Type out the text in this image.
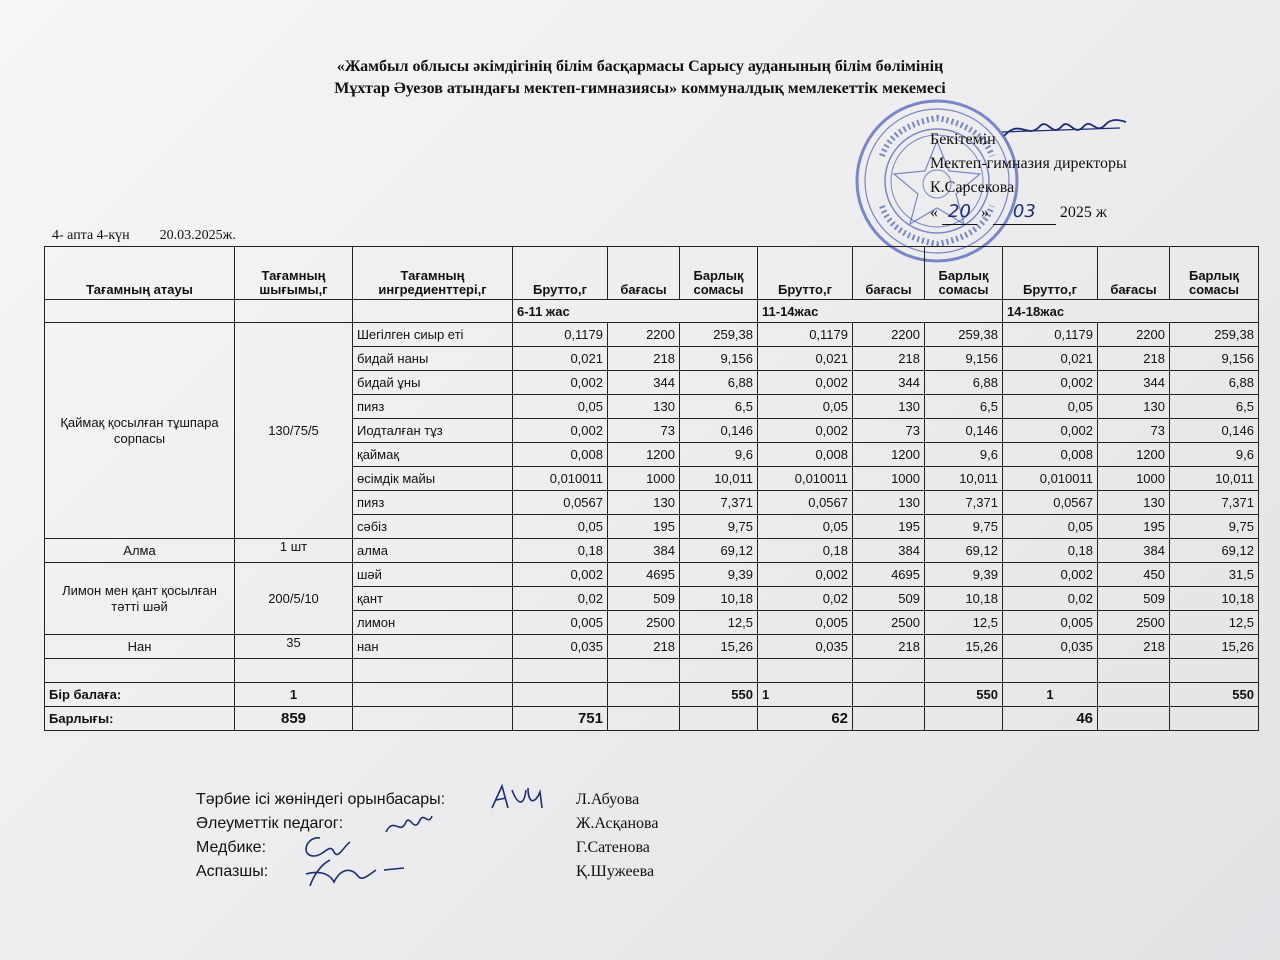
«Жамбыл облысы әкімдігінің білім басқармасы Сарысу ауданының білім бөлімінің
Мұхтар Әуезов атындағы мектеп-гимназиясы» коммуналдық мемлекеттік мекемесі
Бекітемін
Мектеп-гимназия директоры
К.Сарсекова
« 20 »	03	2025 ж
4- апта 4-күн 20.03.2025ж.
Тағамның атауы	Тағамның шығымы,г	Тағамның ингредиенттері,г	Брутто,г	бағасы	Барлық сомасы	Брутто,г	бағасы	Барлық сомасы	Брутто,г	бағасы	Барлық сомасы
			6-11 жас			11-14жас			14-18жас		
Қаймақ қосылған тұшпара сорпасы	130/75/5	Шегілген сиыр еті	0,1179	2200	259,38	0,1179	2200	259,38	0,1179	2200	259,38
		бидай наны	0,021	218	9,156	0,021	218	9,156	0,021	218	9,156
		бидай ұны	0,002	344	6,88	0,002	344	6,88	0,002	344	6,88
		пияз	0,05	130	6,5	0,05	130	6,5	0,05	130	6,5
		Иодталған тұз	0,002	73	0,146	0,002	73	0,146	0,002	73	0,146
		қаймақ	0,008	1200	9,6	0,008	1200	9,6	0,008	1200	9,6
		өсімдік майы	0,010011	1000	10,011	0,010011	1000	10,011	0,010011	1000	10,011
		пияз	0,0567	130	7,371	0,0567	130	7,371	0,0567	130	7,371
		сәбіз	0,05	195	9,75	0,05	195	9,75	0,05	195	9,75
Алма	1 шт	алма	0,18	384	69,12	0,18	384	69,12	0,18	384	69,12
Лимон мен қант қосылған тәтті шәй	200/5/10	шәй	0,002	4695	9,39	0,002	4695	9,39	0,002	450	31,5
		қант	0,02	509	10,18	0,02	509	10,18	0,02	509	10,18
		лимон	0,005	2500	12,5	0,005	2500	12,5	0,005	2500	12,5
Нан	35	нан	0,035	218	15,26	0,035	218	15,26	0,035	218	15,26

Бір балаға:	1				550	1		550	1		550
Барлығы:	859		751			62			46		
Тәрбие ісі жөніндегі орынбасары:	Л.Абуова
Әлеуметтік педагог:	Ж.Асқанова
Медбике:	Г.Сатенова
Аспазшы:	Қ.Шужеева
